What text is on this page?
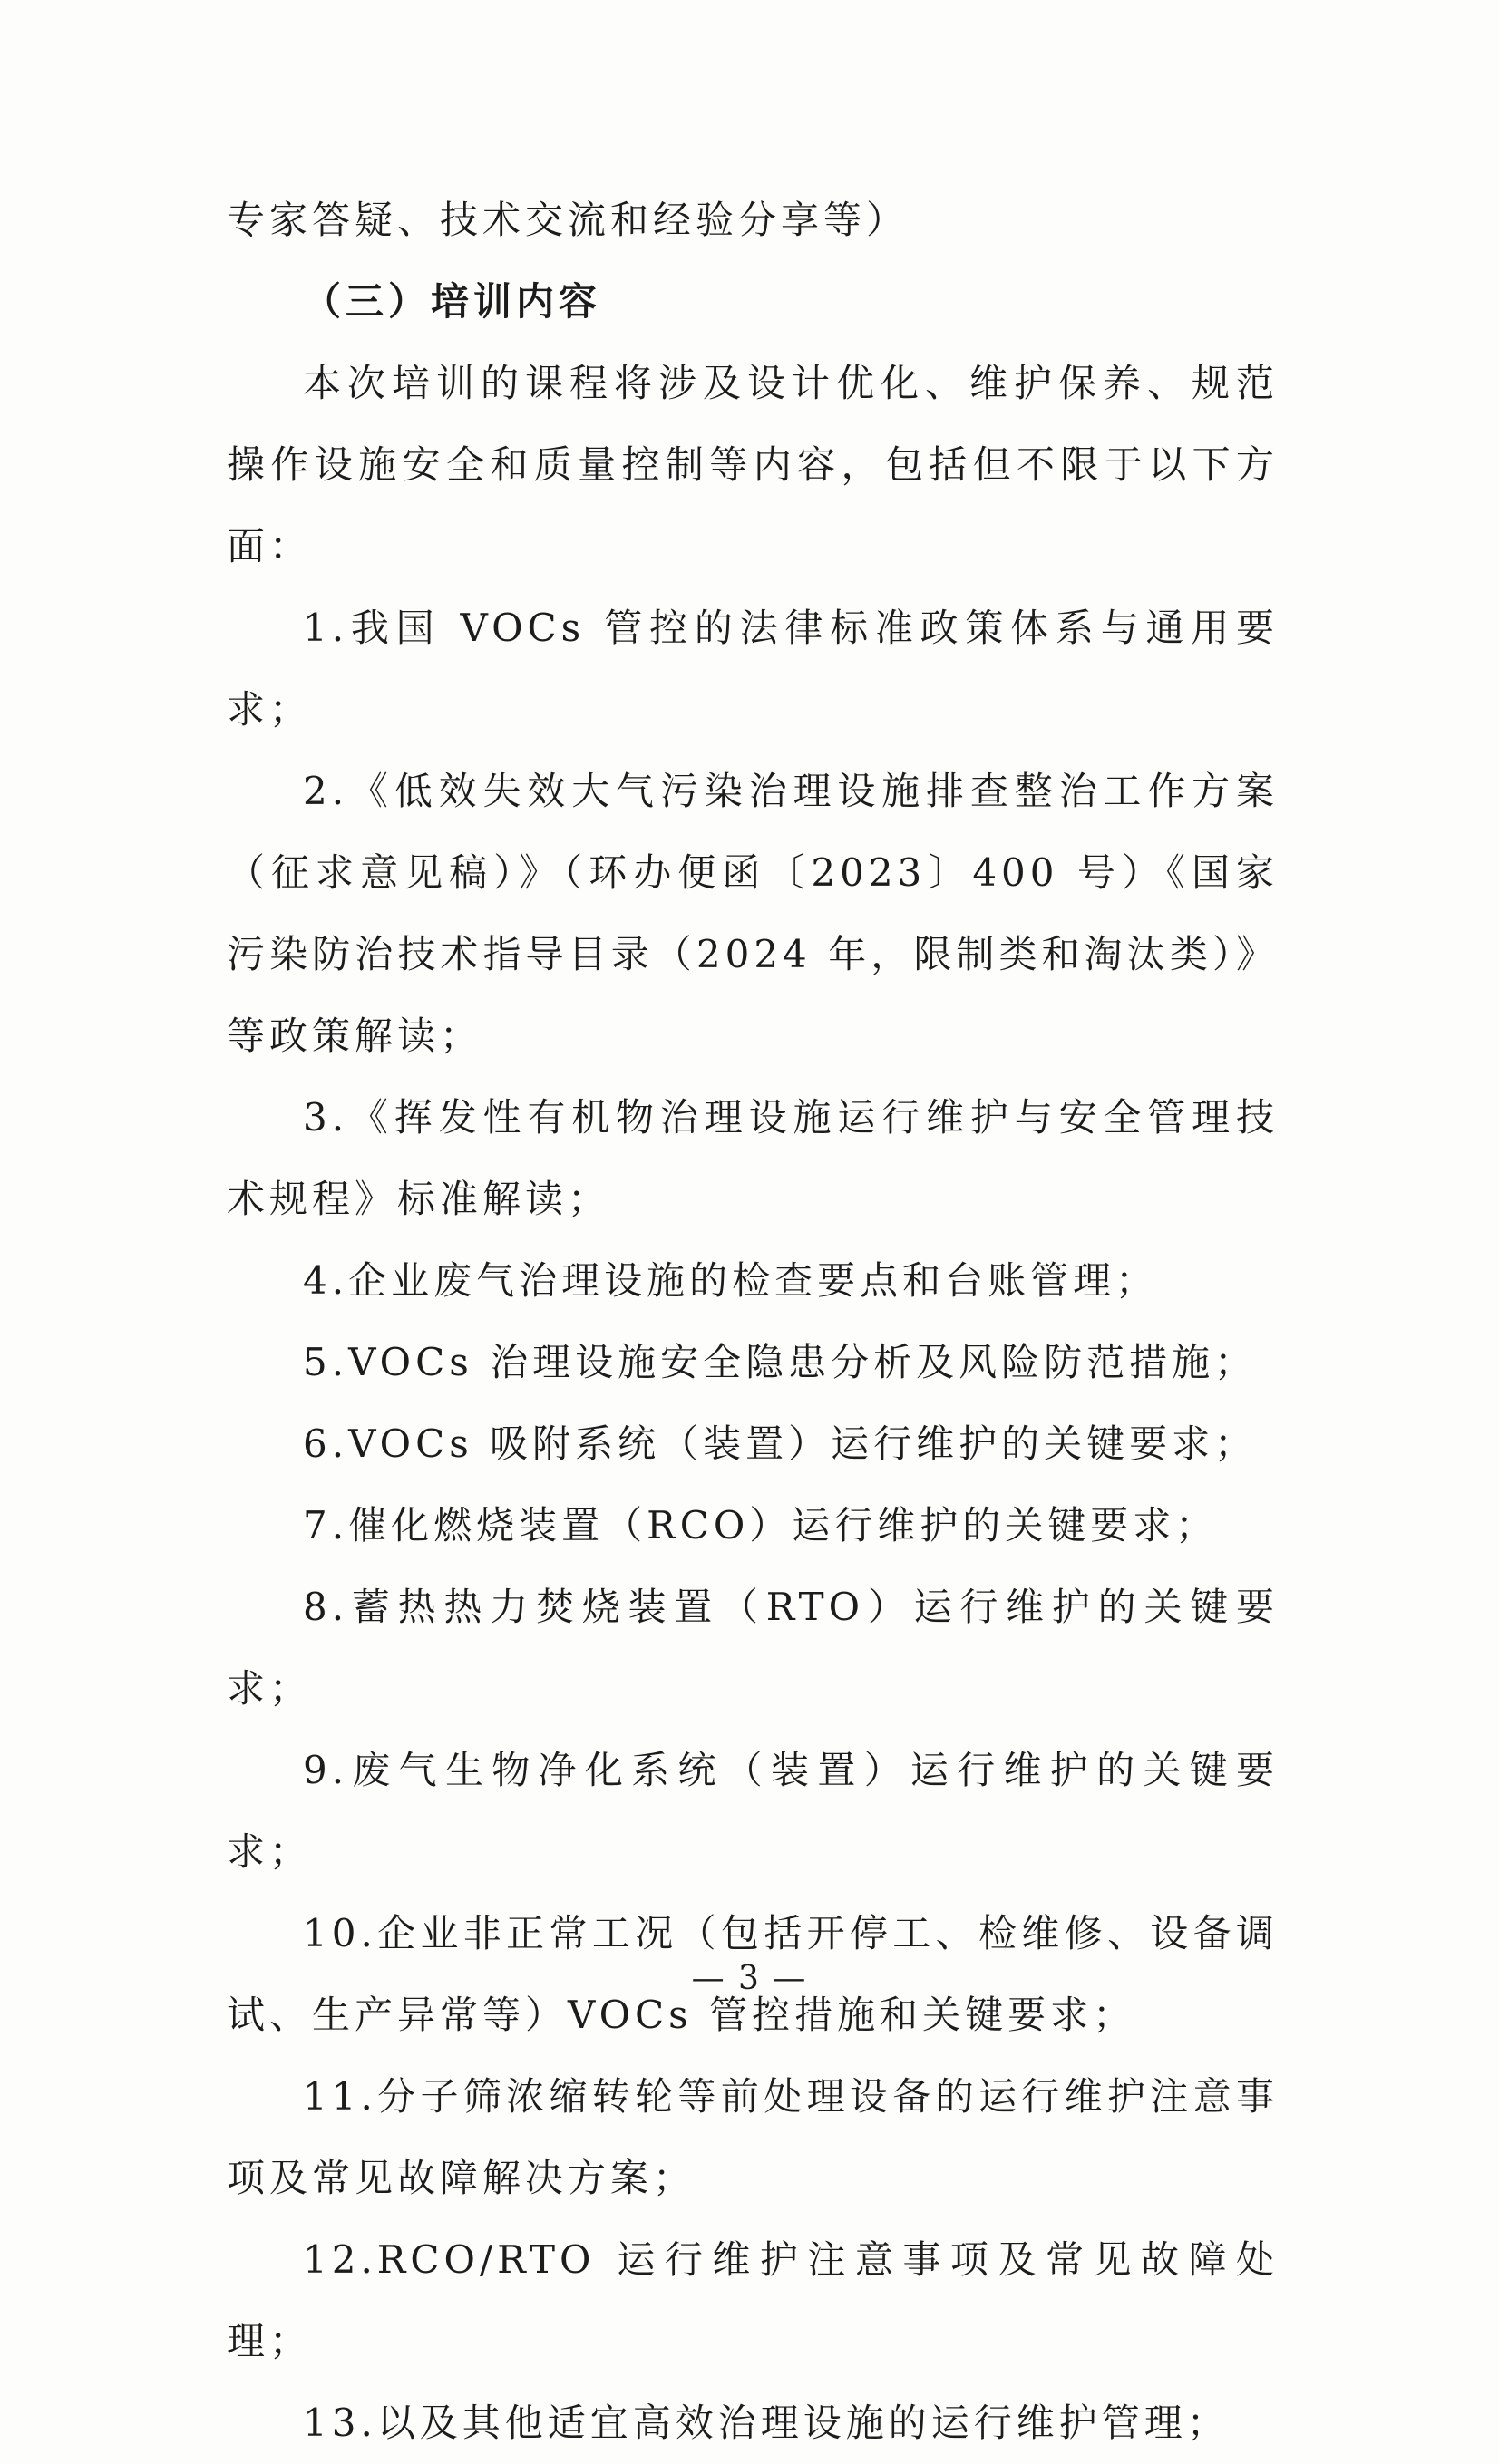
专家答疑、技术交流和经验分享等）

（三）培训内容

本次培训的课程将涉及设计优化、维护保养、规范操作设施安全和质量控制等内容，包括但不限于以下方面：

1.我国 VOCs 管控的法律标准政策体系与通用要求；

2.《低效失效大气污染治理设施排查整治工作方案（征求意见稿）》（环办便函〔2023〕400 号）《国家污染防治技术指导目录（2024 年，限制类和淘汰类）》等政策解读；

3.《挥发性有机物治理设施运行维护与安全管理技术规程》标准解读；

4.企业废气治理设施的检查要点和台账管理；

5.VOCs 治理设施安全隐患分析及风险防范措施；

6.VOCs 吸附系统（装置）运行维护的关键要求；

7.催化燃烧装置（RCO）运行维护的关键要求；

8.蓄热热力焚烧装置（RTO）运行维护的关键要求；

9.废气生物净化系统（装置）运行维护的关键要求；

10.企业非正常工况（包括开停工、检维修、设备调试、生产异常等）VOCs 管控措施和关键要求；

11.分子筛浓缩转轮等前处理设备的运行维护注意事项及常见故障解决方案；

12.RCO/RTO 运行维护注意事项及常见故障处理；

13.以及其他适宜高效治理设施的运行维护管理；

— 3 —
